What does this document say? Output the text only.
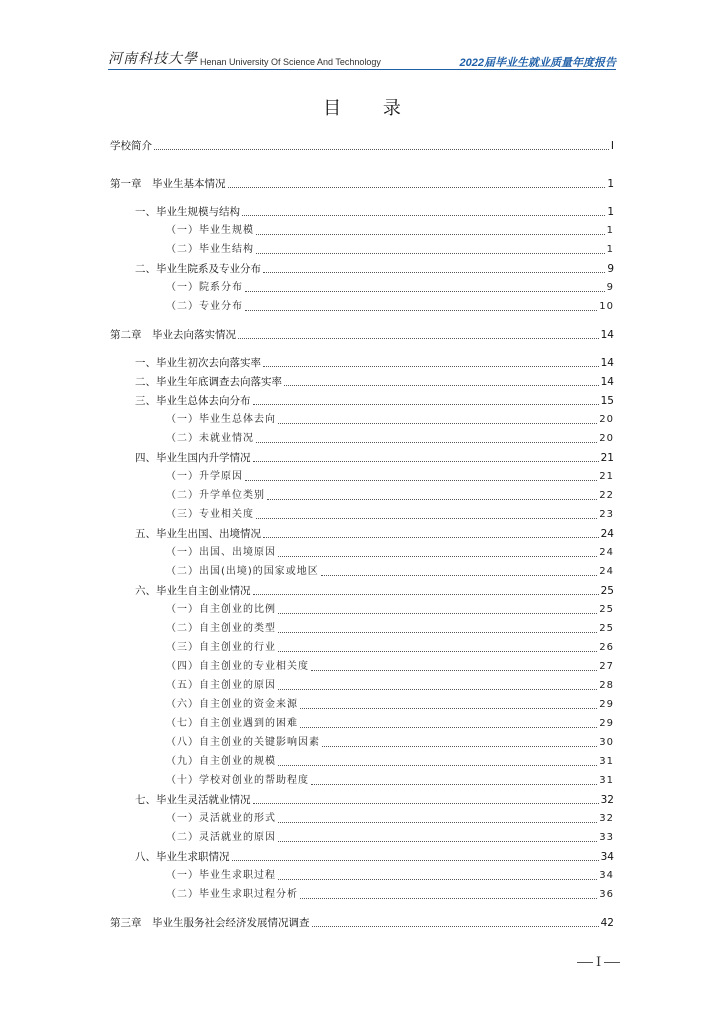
河南科技大學 Henan University Of Science And Technology	2022届毕业生就业质量年度报告
目 录
学校简介	I
第一章　毕业生基本情况	1
一、毕业生规模与结构	1
（一）毕业生规模	1
（二）毕业生结构	1
二、毕业生院系及专业分布	9
（一）院系分布	9
（二）专业分布	10
第二章　毕业去向落实情况	14
一、毕业生初次去向落实率	14
二、毕业生年底调查去向落实率	14
三、毕业生总体去向分布	15
（一）毕业生总体去向	20
（二）未就业情况	20
四、毕业生国内升学情况	21
（一）升学原因	21
（二）升学单位类别	22
（三）专业相关度	23
五、毕业生出国、出境情况	24
（一）出国、出境原因	24
（二）出国(出境)的国家或地区	24
六、毕业生自主创业情况	25
（一）自主创业的比例	25
（二）自主创业的类型	25
（三）自主创业的行业	26
（四）自主创业的专业相关度	27
（五）自主创业的原因	28
（六）自主创业的资金来源	29
（七）自主创业遇到的困难	29
（八）自主创业的关键影响因素	30
（九）自主创业的规模	31
（十）学校对创业的帮助程度	31
七、毕业生灵活就业情况	32
（一）灵活就业的形式	32
（二）灵活就业的原因	33
八、毕业生求职情况	34
（一）毕业生求职过程	34
（二）毕业生求职过程分析	36
第三章　毕业生服务社会经济发展情况调查	42
I
